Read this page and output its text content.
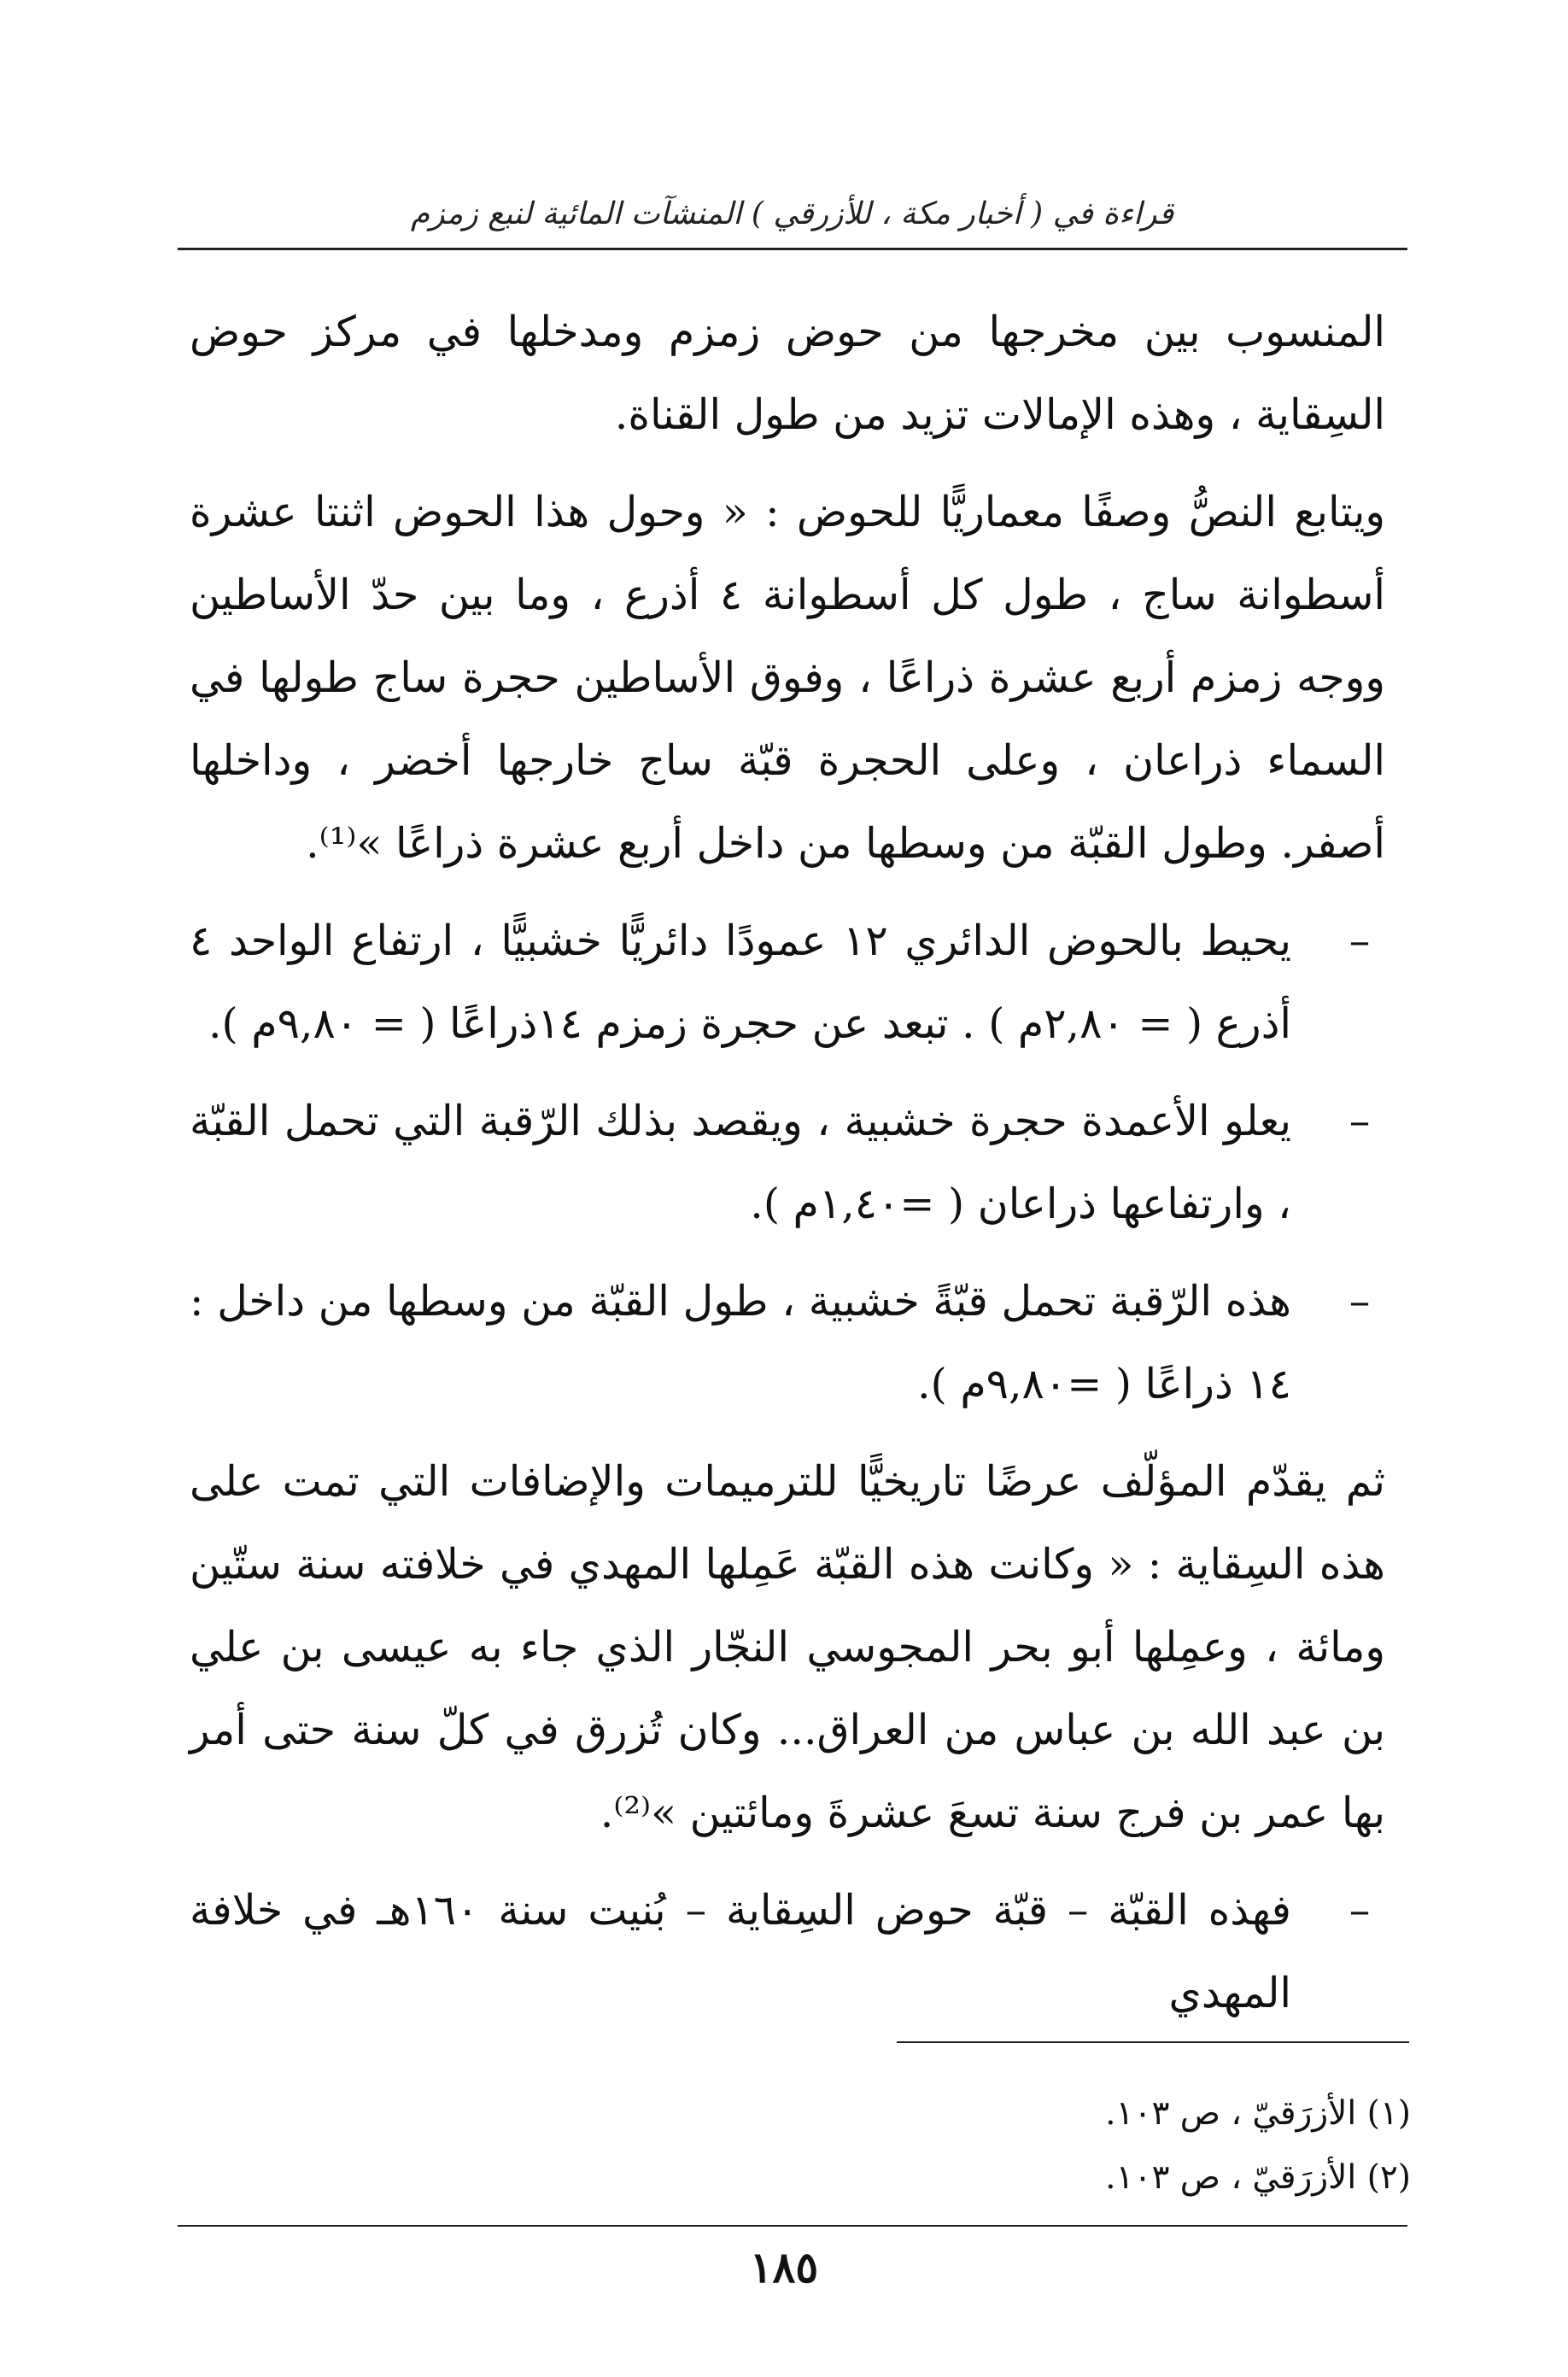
قراءة في ( أخبار مكة ، للأزرقي ) المنشآت المائية لنبع زمزم

المنسوب بين مخرجها من حوض زمزم ومدخلها في مركز حوض السِقاية ، وهذه الإمالات تزيد من طول القناة.

ويتابع النصُّ وصفًا معماريًّا للحوض : « وحول هذا الحوض اثنتا عشرة أسطوانة ساج ، طول كل أسطوانة ٤ أذرع ، وما بين حدّ الأساطين ووجه زمزم أربع عشرة ذراعًا ، وفوق الأساطين حجرة ساج طولها في السماء ذراعان ، وعلى الحجرة قبّة ساج خارجها أخضر ، وداخلها أصفر. وطول القبّة من وسطها من داخل أربع عشرة ذراعًا »⁽¹⁾.

–
يحيط بالحوض الدائري ١٢ عمودًا دائريًّا خشبيًّا ، ارتفاع الواحد ٤ أذرع ( = ٢,٨٠م ) . تبعد عن حجرة زمزم ١٤ذراعًا ( = ٩,٨٠م ).
–
يعلو الأعمدة حجرة خشبية ، ويقصد بذلك الرّقبة التي تحمل القبّة ، وارتفاعها ذراعان ( =١,٤٠م ).
–
هذه الرّقبة تحمل قبّةً خشبية ، طول القبّة من وسطها من داخل : ١٤ ذراعًا ( =٩,٨٠م ).

ثم يقدّم المؤلّف عرضًا تاريخيًّا للترميمات والإضافات التي تمت على هذه السِقاية : « وكانت هذه القبّة عَمِلها المهدي في خلافته سنة ستّين ومائة ، وعمِلها أبو بحر المجوسي النجّار الذي جاء به عيسى بن علي بن عبد الله بن عباس من العراق... وكان تُزرق في كلّ سنة حتى أمر بها عمر بن فرج سنة تسعَ عشرةَ ومائتين »⁽²⁾.

–
فهذه القبّة – قبّة حوض السِقاية – بُنيت سنة ١٦٠هـ في خلافة المهدي
(١) الأزرَقيّ ، ص ١٠٣.
(٢) الأزرَقيّ ، ص ١٠٣.
١٨٥
